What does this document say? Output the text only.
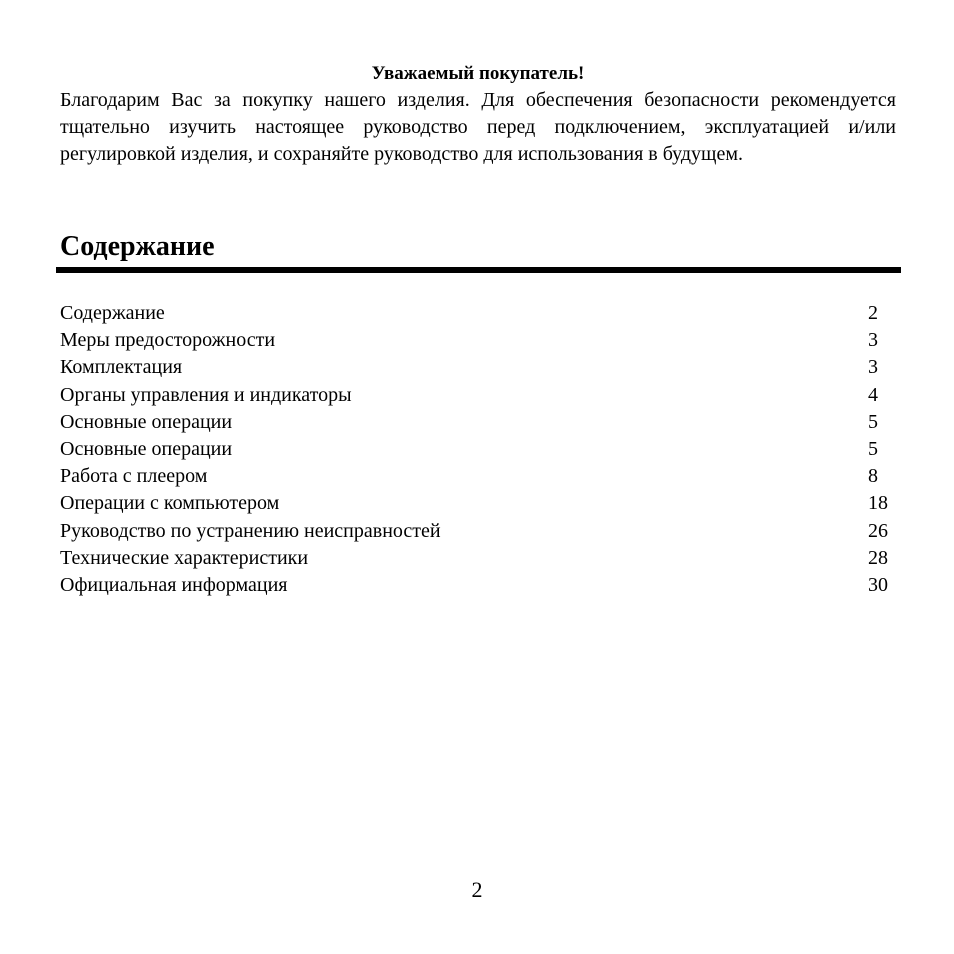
Уважаемый покупатель!

Благодарим Вас за покупку нашего изделия. Для обеспечения безопасности рекомендуется тщательно изучить настоящее руководство перед подключением, эксплуатацией и/или регулировкой изделия, и сохраняйте руководство для использования в будущем.

Содержание
Содержание	2
Меры предосторожности	3
Комплектация	3
Органы управления и индикаторы	4
Основные операции	5
Основные операции	5
Работа с плеером	8
Операции с компьютером	18
Руководство по устранению неисправностей	26
Технические характеристики	28
Официальная информация	30
2
